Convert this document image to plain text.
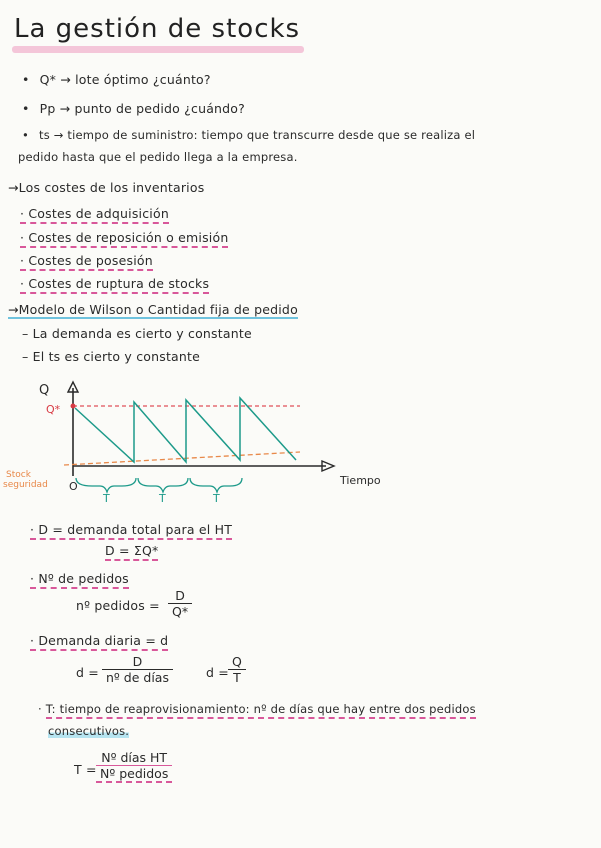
La gestión de stocks
• Q* → lote óptimo ¿cuánto?
• Pp → punto de pedido ¿cuándo?
• ts → tiempo de suministro: tiempo que transcurre desde que se realiza el
pedido hasta que el pedido llega a la empresa.
→Los costes de los inventarios
· Costes de adquisición
· Costes de reposición o emisión
· Costes de posesión
· Costes de ruptura de stocks
→Modelo de Wilson o Cantidad fija de pedido
– La demanda es cierto y constante
– El ts es cierto y constante
Q
Q*
Stock
seguridad O	Tiempo
T	T	T
· D = demanda total para el HT
D = ΣQ*
· Nº de pedidos
nº pedidos = $\frac{D}{Q*}$
· Demanda diaria = d
d =
D
nº de días	$d = \frac{Q}{T}$
· T: tiempo de reaprovisionamiento: nº de días que hay entre dos pedidos
consecutivos.
T =
Nº días HT
Nº pedidos
